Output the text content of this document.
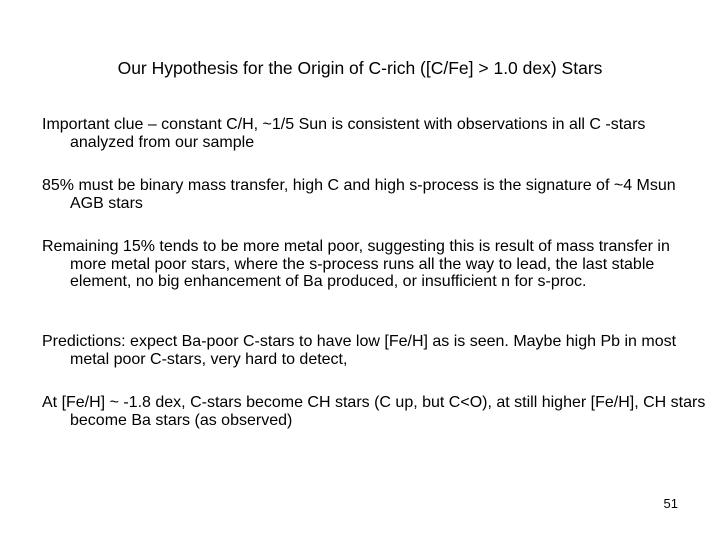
Our Hypothesis for the Origin of C-rich ([C/Fe] > 1.0 dex) Stars

Important clue – constant C/H, ~1/5 Sun is consistent with observations in all C -stars analyzed from our sample

85% must be binary mass transfer, high C and high s-process is the signature of ~4 Msun AGB stars

Remaining 15% tends to be more metal poor, suggesting this is result of mass transfer in more metal poor stars, where the s-process runs all the way to lead, the last stable element, no big enhancement of Ba produced, or insufficient n for s-proc.

Predictions: expect Ba-poor C-stars to have low [Fe/H] as is seen. Maybe high Pb in most metal poor C-stars, very hard to detect,

At [Fe/H] ~ -1.8 dex, C-stars become CH stars (C up, but C<O), at still higher [Fe/H], CH stars become Ba stars (as observed)

51
